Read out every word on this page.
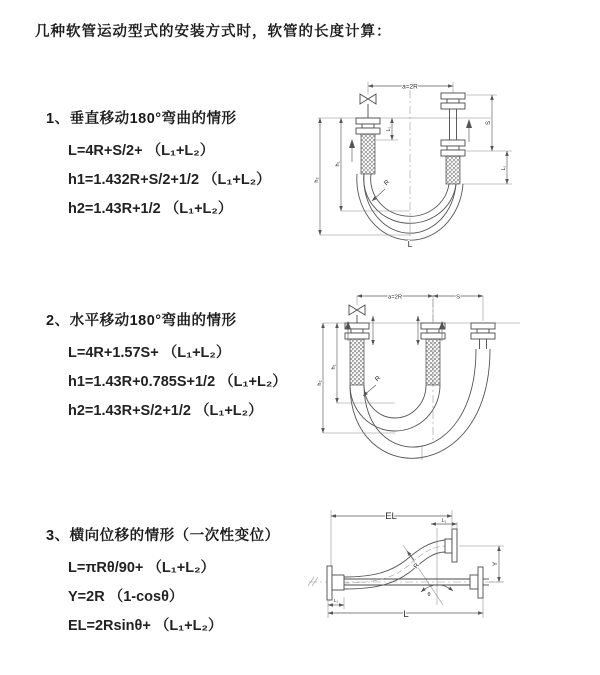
几种软管运动型式的安装方式时，软管的长度计算：
1、垂直移动180°弯曲的情形
L=4R+S/2+ （L₁+L₂）
h1=1.432R+S/2+1/2 （L₁+L₂）
h2=1.43R+1/2 （L₁+L₂）
a=2R
L₁
S
L₁
h₁
h₂	R
L
2、水平移动180°弯曲的情形
L=4R+1.57S+ （L₁+L₂）
h1=1.43R+0.785S+1/2 （L₁+L₂）
h2=1.43R+S/2+1/2 （L₁+L₂）
a=2R	S
h₁
h₂	R
3、横向位移的情形（一次性变位）
L=πRθ/90+ （L₁+L₂）
Y=2R （1-cosθ）
EL=2Rsinθ+ （L₁+L₂）
EL	L₁
θ
R	Y
L₁
L
